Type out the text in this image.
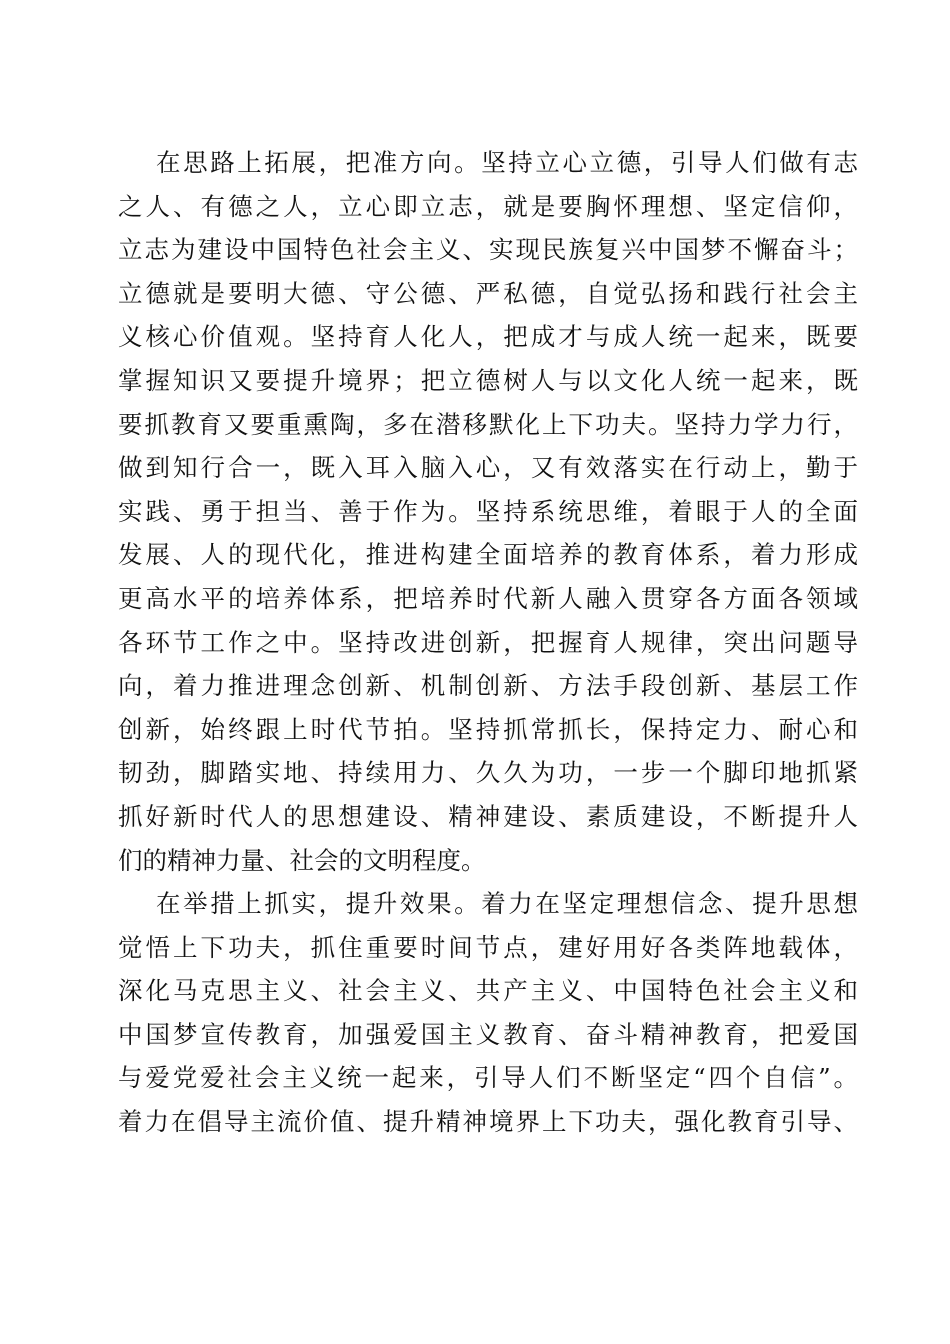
在思路上拓展，把准方向。坚持立心立德，引导人们做有志
之人、有德之人，立心即立志，就是要胸怀理想、坚定信仰，
立志为建设中国特色社会主义、实现民族复兴中国梦不懈奋斗；
立德就是要明大德、守公德、严私德，自觉弘扬和践行社会主
义核心价值观。坚持育人化人，把成才与成人统一起来，既要
掌握知识又要提升境界；把立德树人与以文化人统一起来，既
要抓教育又要重熏陶，多在潜移默化上下功夫。坚持力学力行，
做到知行合一，既入耳入脑入心，又有效落实在行动上，勤于
实践、勇于担当、善于作为。坚持系统思维，着眼于人的全面
发展、人的现代化，推进构建全面培养的教育体系，着力形成
更高水平的培养体系，把培养时代新人融入贯穿各方面各领域
各环节工作之中。坚持改进创新，把握育人规律，突出问题导
向，着力推进理念创新、机制创新、方法手段创新、基层工作
创新，始终跟上时代节拍。坚持抓常抓长，保持定力、耐心和
韧劲，脚踏实地、持续用力、久久为功，一步一个脚印地抓紧
抓好新时代人的思想建设、精神建设、素质建设，不断提升人
们的精神力量、社会的文明程度。
在举措上抓实，提升效果。着力在坚定理想信念、提升思想
觉悟上下功夫，抓住重要时间节点，建好用好各类阵地载体，
深化马克思主义、社会主义、共产主义、中国特色社会主义和
中国梦宣传教育，加强爱国主义教育、奋斗精神教育，把爱国
与爱党爱社会主义统一起来，引导人们不断坚定“四个自信”。
着力在倡导主流价值、提升精神境界上下功夫，强化教育引导、
